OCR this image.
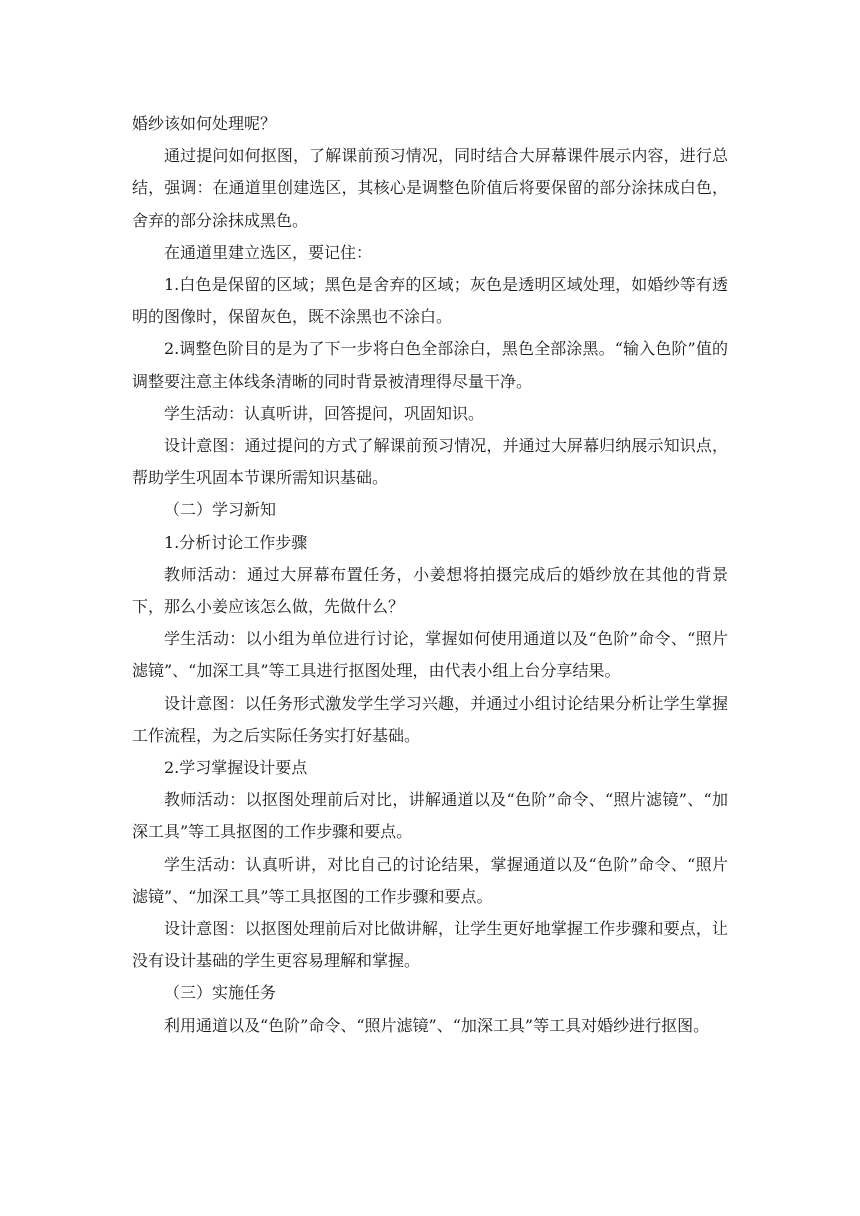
婚纱该如何处理呢？

通过提问如何抠图，了解课前预习情况，同时结合大屏幕课件展示内容，进行总结，强调：在通道里创建选区，其核心是调整色阶值后将要保留的部分涂抹成白色，舍弃的部分涂抹成黑色。

在通道里建立选区，要记住：

1.白色是保留的区域；黑色是舍弃的区域；灰色是透明区域处理，如婚纱等有透明的图像时，保留灰色，既不涂黑也不涂白。

2.调整色阶目的是为了下一步将白色全部涂白，黑色全部涂黑。“输入色阶”值的调整要注意主体线条清晰的同时背景被清理得尽量干净。

学生活动：认真听讲，回答提问，巩固知识。

设计意图：通过提问的方式了解课前预习情况，并通过大屏幕归纳展示知识点，帮助学生巩固本节课所需知识基础。

（二）学习新知

1.分析讨论工作步骤

教师活动：通过大屏幕布置任务，小姜想将拍摄完成后的婚纱放在其他的背景下，那么小姜应该怎么做，先做什么？

学生活动：以小组为单位进行讨论，掌握如何使用通道以及“色阶”命令、“照片滤镜”、“加深工具”等工具进行抠图处理，由代表小组上台分享结果。

设计意图：以任务形式激发学生学习兴趣，并通过小组讨论结果分析让学生掌握工作流程，为之后实际任务实打好基础。

2.学习掌握设计要点

教师活动：以抠图处理前后对比，讲解通道以及“色阶”命令、“照片滤镜”、“加深工具”等工具抠图的工作步骤和要点。

学生活动：认真听讲，对比自己的讨论结果，掌握通道以及“色阶”命令、“照片滤镜”、“加深工具”等工具抠图的工作步骤和要点。

设计意图：以抠图处理前后对比做讲解，让学生更好地掌握工作步骤和要点，让没有设计基础的学生更容易理解和掌握。

（三）实施任务

利用通道以及“色阶”命令、“照片滤镜”、“加深工具”等工具对婚纱进行抠图。
